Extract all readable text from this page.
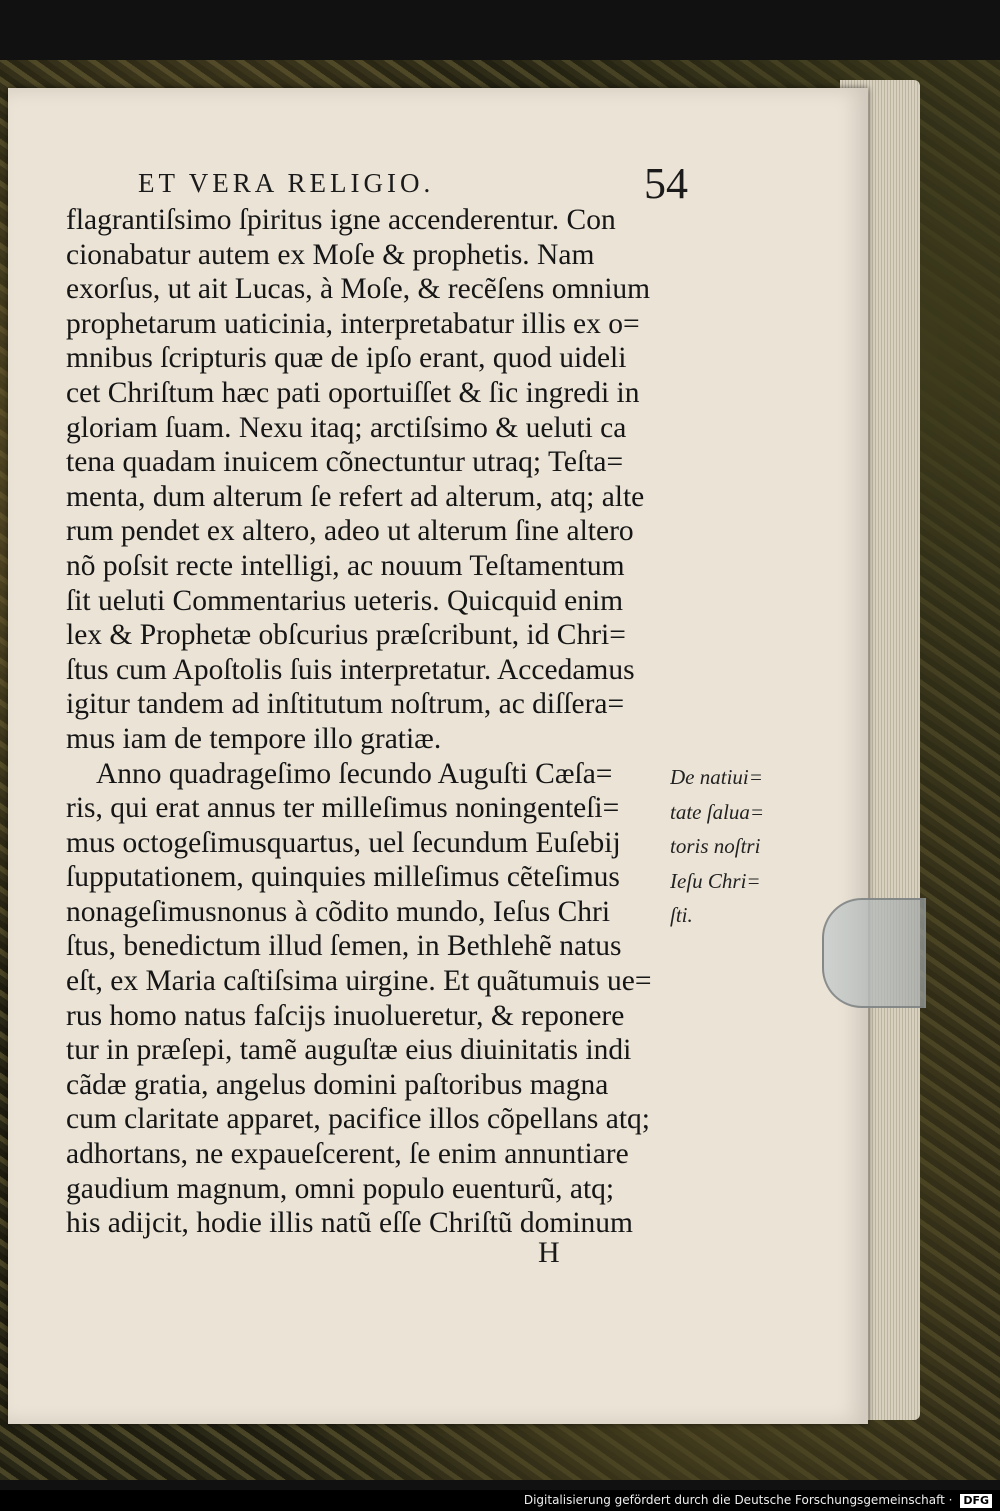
ET VERA RELIGIO.	54
flagrantiſsimo ſpiritus igne accenderentur. Con
cionabatur autem ex Moſe & prophetis. Nam
exorſus, ut ait Lucas, à Moſe, & recẽſens omnium
prophetarum uaticinia, interpretabatur illis ex o=
mnibus ſcripturis quæ de ipſo erant, quod uideli
cet Chriſtum hæc pati oportuiſſet & ſic ingredi in
gloriam ſuam. Nexu itaq; arctiſsimo & ueluti ca
tena quadam inuicem cõnectuntur utraq; Teſta=
menta, dum alterum ſe refert ad alterum, atq; alte
rum pendet ex altero, adeo ut alterum ſine altero
nõ poſsit recte intelligi, ac nouum Teſtamentum
ſit ueluti Commentarius ueteris. Quicquid enim
lex & Prophetæ obſcurius præſcribunt, id Chri=
ſtus cum Apoſtolis ſuis interpretatur. Accedamus
igitur tandem ad inſtitutum noſtrum, ac diſſera=
mus iam de tempore illo gratiæ.
Anno quadrageſimo ſecundo Auguſti Cæſa=
ris, qui erat annus ter milleſimus noningenteſi=
mus octogeſimusquartus, uel ſecundum Euſebij
ſupputationem, quinquies milleſimus cẽteſimus
nonageſimusnonus à cõdito mundo, Ieſus Chri
ſtus, benedictum illud ſemen, in Bethlehẽ natus
eſt, ex Maria caſtiſsima uirgine. Et quãtumuis ue=
rus homo natus faſcijs inuolueretur, & reponere
tur in præſepi, tamẽ auguſtæ eius diuinitatis indi
cãdæ gratia, angelus domini paſtoribus magna
cum claritate apparet, pacifice illos cõpellans atq;
adhortans, ne expaueſcerent, ſe enim annuntiare
gaudium magnum, omni populo euenturũ, atq;
his adijcit, hodie illis natũ eſſe Chriſtũ dominum
De natiui=
tate ſalua=
toris noſtri
Ieſu Chri=
ſti.
H
Digitalisierung gefördert durch die Deutsche Forschungsgemeinschaft · DFG
